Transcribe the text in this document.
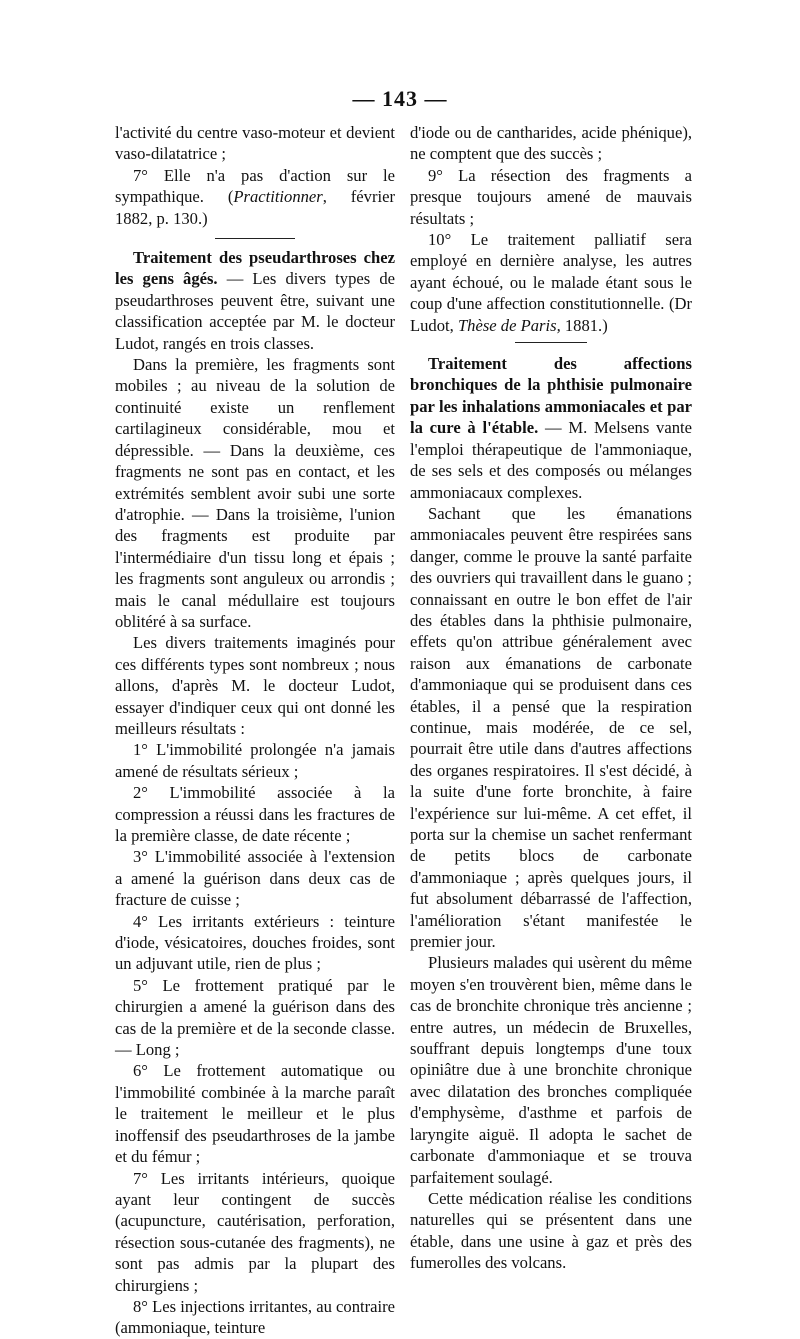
— 143 —

l'activité du centre vaso-moteur et devient vaso-dilatatrice ;

7° Elle n'a pas d'action sur le sympathique. (Practitionner, février 1882, p. 130.)

Traitement des pseudarthroses chez les gens âgés. — Les divers types de pseudarthroses peuvent être, suivant une classification acceptée par M. le docteur Ludot, rangés en trois classes.

Dans la première, les fragments sont mobiles ; au niveau de la solution de continuité existe un renflement cartilagineux considérable, mou et dépressible. — Dans la deuxième, ces fragments ne sont pas en contact, et les extrémités semblent avoir subi une sorte d'atrophie. — Dans la troisième, l'union des fragments est produite par l'intermédiaire d'un tissu long et épais ; les fragments sont anguleux ou arrondis ; mais le canal médullaire est toujours oblitéré à sa surface.

Les divers traitements imaginés pour ces différents types sont nombreux ; nous allons, d'après M. le docteur Ludot, essayer d'indiquer ceux qui ont donné les meilleurs résultats :

1° L'immobilité prolongée n'a jamais amené de résultats sérieux ;

2° L'immobilité associée à la compression a réussi dans les fractures de la première classe, de date récente ;

3° L'immobilité associée à l'extension a amené la guérison dans deux cas de fracture de cuisse ;

4° Les irritants extérieurs : teinture d'iode, vésicatoires, douches froides, sont un adjuvant utile, rien de plus ;

5° Le frottement pratiqué par le chirurgien a amené la guérison dans des cas de la première et de la seconde classe. — Long ;

6° Le frottement automatique ou l'immobilité combinée à la marche paraît le traitement le meilleur et le plus inoffensif des pseudarthroses de la jambe et du fémur ;

7° Les irritants intérieurs, quoique ayant leur contingent de succès (acupuncture, cautérisation, perforation, résection sous-cutanée des fragments), ne sont pas admis par la plupart des chirurgiens ;

8° Les injections irritantes, au contraire (ammoniaque, teinture

d'iode ou de cantharides, acide phénique), ne comptent que des succès ;

9° La résection des fragments a presque toujours amené de mauvais résultats ;

10° Le traitement palliatif sera employé en dernière analyse, les autres ayant échoué, ou le malade étant sous le coup d'une affection constitutionnelle. (Dr Ludot, Thèse de Paris, 1881.)

Traitement des affections bronchiques de la phthisie pulmonaire par les inhalations ammoniacales et par la cure à l'étable. — M. Melsens vante l'emploi thérapeutique de l'ammoniaque, de ses sels et des composés ou mélanges ammoniacaux complexes.

Sachant que les émanations ammoniacales peuvent être respirées sans danger, comme le prouve la santé parfaite des ouvriers qui travaillent dans le guano ; connaissant en outre le bon effet de l'air des étables dans la phthisie pulmonaire, effets qu'on attribue généralement avec raison aux émanations de carbonate d'ammoniaque qui se produisent dans ces étables, il a pensé que la respiration continue, mais modérée, de ce sel, pourrait être utile dans d'autres affections des organes respiratoires. Il s'est décidé, à la suite d'une forte bronchite, à faire l'expérience sur lui-même. A cet effet, il porta sur la chemise un sachet renfermant de petits blocs de carbonate d'ammoniaque ; après quelques jours, il fut absolument débarrassé de l'affection, l'amélioration s'étant manifestée le premier jour.

Plusieurs malades qui usèrent du même moyen s'en trouvèrent bien, même dans le cas de bronchite chronique très ancienne ; entre autres, un médecin de Bruxelles, souffrant depuis longtemps d'une toux opiniâtre due à une bronchite chronique avec dilatation des bronches compliquée d'emphysème, d'asthme et parfois de laryngite aiguë. Il adopta le sachet de carbonate d'ammoniaque et se trouva parfaitement soulagé.

Cette médication réalise les conditions naturelles qui se présentent dans une étable, dans une usine à gaz et près des fumerolles des volcans.
